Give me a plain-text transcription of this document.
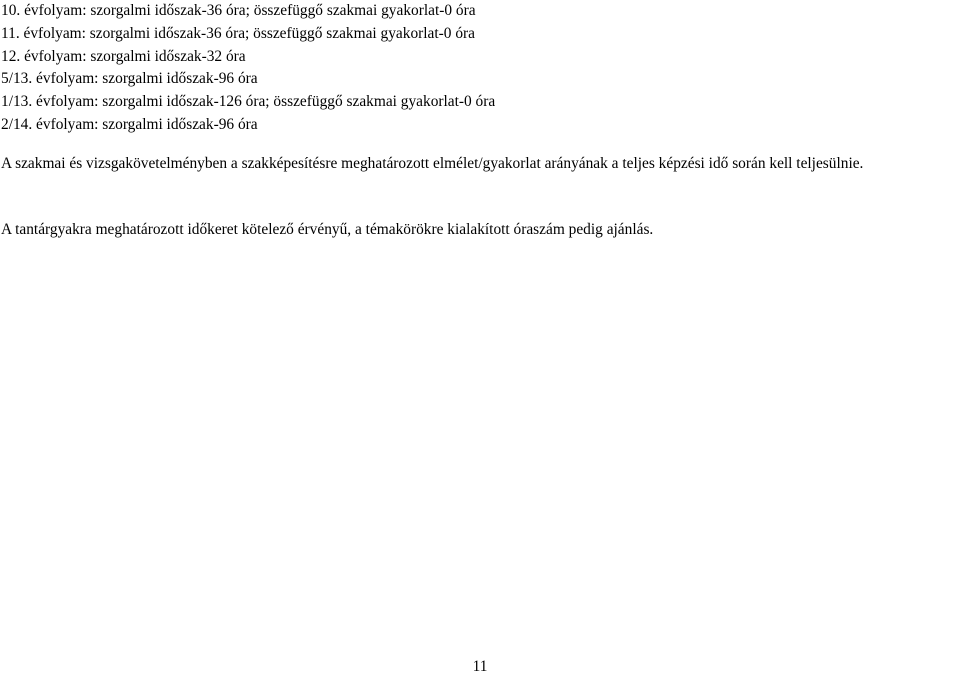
10. évfolyam: szorgalmi időszak-36 óra; összefüggő szakmai gyakorlat-0 óra
11. évfolyam: szorgalmi időszak-36 óra; összefüggő szakmai gyakorlat-0 óra
12. évfolyam: szorgalmi időszak-32 óra
5/13. évfolyam: szorgalmi időszak-96 óra
1/13. évfolyam: szorgalmi időszak-126 óra; összefüggő szakmai gyakorlat-0 óra
2/14. évfolyam: szorgalmi időszak-96 óra
A szakmai és vizsgakövetelményben a szakképesítésre meghatározott elmélet/gyakorlat arányának a teljes képzési idő során kell teljesülnie.
A tantárgyakra meghatározott időkeret kötelező érvényű, a témakörökre kialakított óraszám pedig ajánlás.
11
